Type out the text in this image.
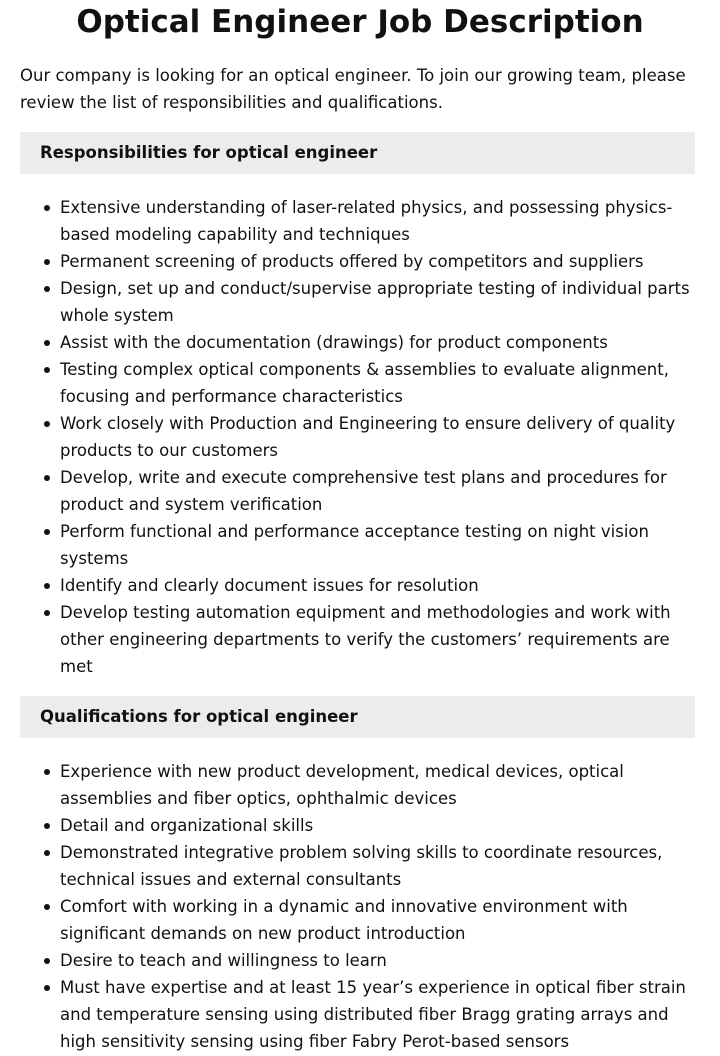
Optical Engineer Job Description

Our company is looking for an optical engineer. To join our growing team, please review the list of responsibilities and qualifications.

Responsibilities for optical engineer
Extensive understanding of laser-related physics, and possessing physics-based modeling capability and techniques
Permanent screening of products offered by competitors and suppliers
Design, set up and conduct/supervise appropriate testing of individual parts whole system
Assist with the documentation (drawings) for product components
Testing complex optical components & assemblies to evaluate alignment, focusing and performance characteristics
Work closely with Production and Engineering to ensure delivery of quality products to our customers
Develop, write and execute comprehensive test plans and procedures for product and system verification
Perform functional and performance acceptance testing on night vision systems
Identify and clearly document issues for resolution
Develop testing automation equipment and methodologies and work with other engineering departments to verify the customers’ requirements are met
Qualifications for optical engineer
Experience with new product development, medical devices, optical assemblies and fiber optics, ophthalmic devices
Detail and organizational skills
Demonstrated integrative problem solving skills to coordinate resources, technical issues and external consultants
Comfort with working in a dynamic and innovative environment with significant demands on new product introduction
Desire to teach and willingness to learn
Must have expertise and at least 15 year’s experience in optical fiber strain and temperature sensing using distributed fiber Bragg grating arrays and high sensitivity sensing using fiber Fabry Perot-based sensors
